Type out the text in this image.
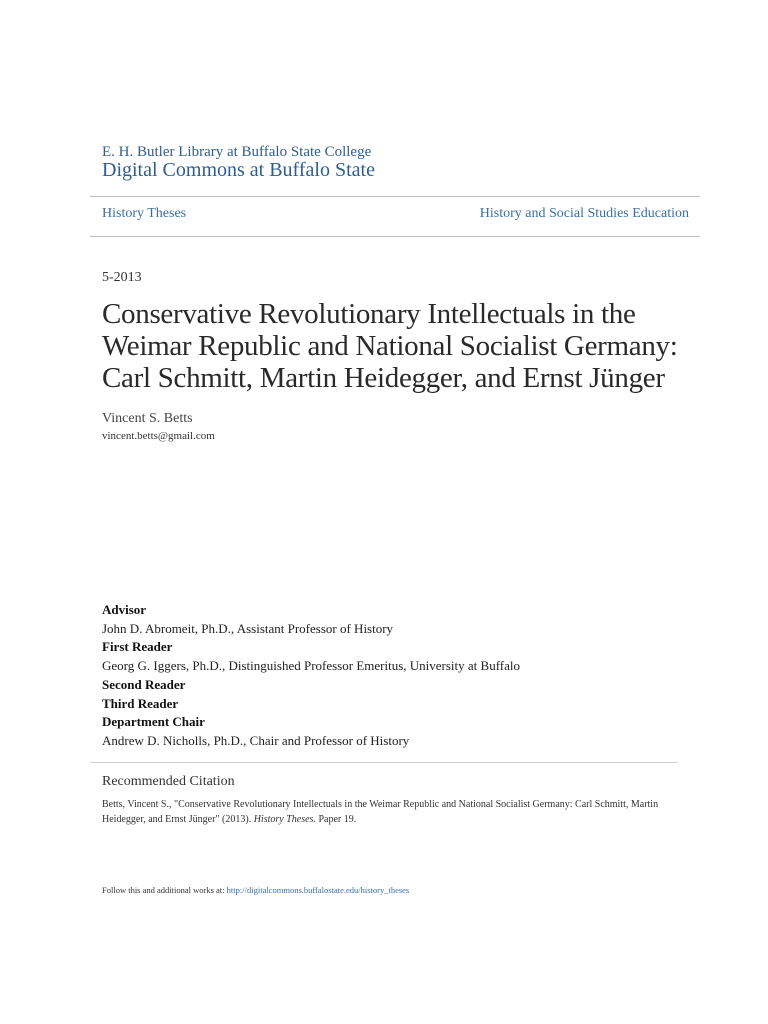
E. H. Butler Library at Buffalo State College
Digital Commons at Buffalo State
History Theses	History and Social Studies Education
5-2013
Conservative Revolutionary Intellectuals in the Weimar Republic and National Socialist Germany: Carl Schmitt, Martin Heidegger, and Ernst Jünger
Vincent S. Betts
vincent.betts@gmail.com
Advisor
John D. Abromeit, Ph.D., Assistant Professor of History
First Reader
Georg G. Iggers, Ph.D., Distinguished Professor Emeritus, University at Buffalo
Second Reader
Third Reader
Department Chair
Andrew D. Nicholls, Ph.D., Chair and Professor of History
Recommended Citation
Betts, Vincent S., "Conservative Revolutionary Intellectuals in the Weimar Republic and National Socialist Germany: Carl Schmitt, Martin Heidegger, and Ernst Jünger" (2013). History Theses. Paper 19.
Follow this and additional works at: http://digitalcommons.buffalostate.edu/history_theses
